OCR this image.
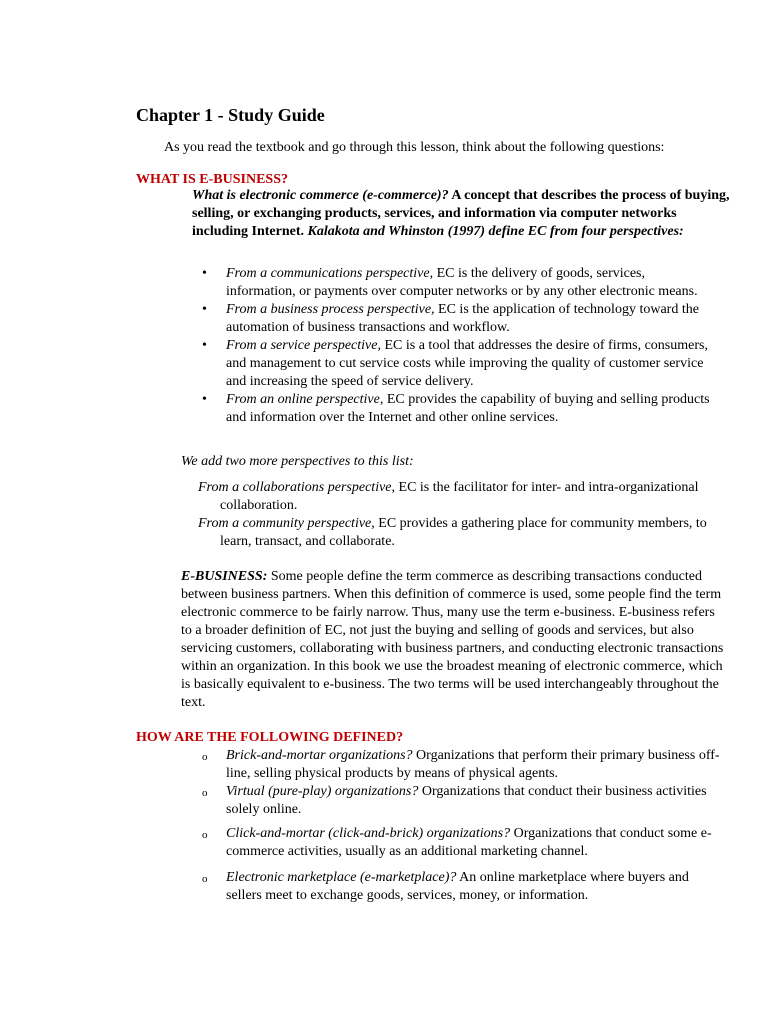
Chapter 1 - Study Guide
As you read the textbook and go through this lesson, think about the following questions:
WHAT IS E-BUSINESS?
What is electronic commerce (e-commerce)? A concept that describes the process of buying, selling, or exchanging products, services, and information via computer networks including Internet. Kalakota and Whinston (1997) define EC from four perspectives:
• From a communications perspective, EC is the delivery of goods, services, information, or payments over computer networks or by any other electronic means.
• From a business process perspective, EC is the application of technology toward the automation of business transactions and workflow.
• From a service perspective, EC is a tool that addresses the desire of firms, consumers, and management to cut service costs while improving the quality of customer service and increasing the speed of service delivery.
• From an online perspective, EC provides the capability of buying and selling products and information over the Internet and other online services.
We add two more perspectives to this list:
From a collaborations perspective, EC is the facilitator for inter- and intra-organizational collaboration.
From a community perspective, EC provides a gathering place for community members, to learn, transact, and collaborate.
E-BUSINESS: Some people define the term commerce as describing transactions conducted between business partners. When this definition of commerce is used, some people find the term electronic commerce to be fairly narrow. Thus, many use the term e-business. E-business refers to a broader definition of EC, not just the buying and selling of goods and services, but also servicing customers, collaborating with business partners, and conducting electronic transactions within an organization. In this book we use the broadest meaning of electronic commerce, which is basically equivalent to e-business. The two terms will be used interchangeably throughout the text.
HOW ARE THE FOLLOWING DEFINED?
o Brick-and-mortar organizations? Organizations that perform their primary business off-line, selling physical products by means of physical agents.
o Virtual (pure-play) organizations? Organizations that conduct their business activities solely online.
o Click-and-mortar (click-and-brick) organizations? Organizations that conduct some e-commerce activities, usually as an additional marketing channel.
o Electronic marketplace (e-marketplace)? An online marketplace where buyers and sellers meet to exchange goods, services, money, or information.
